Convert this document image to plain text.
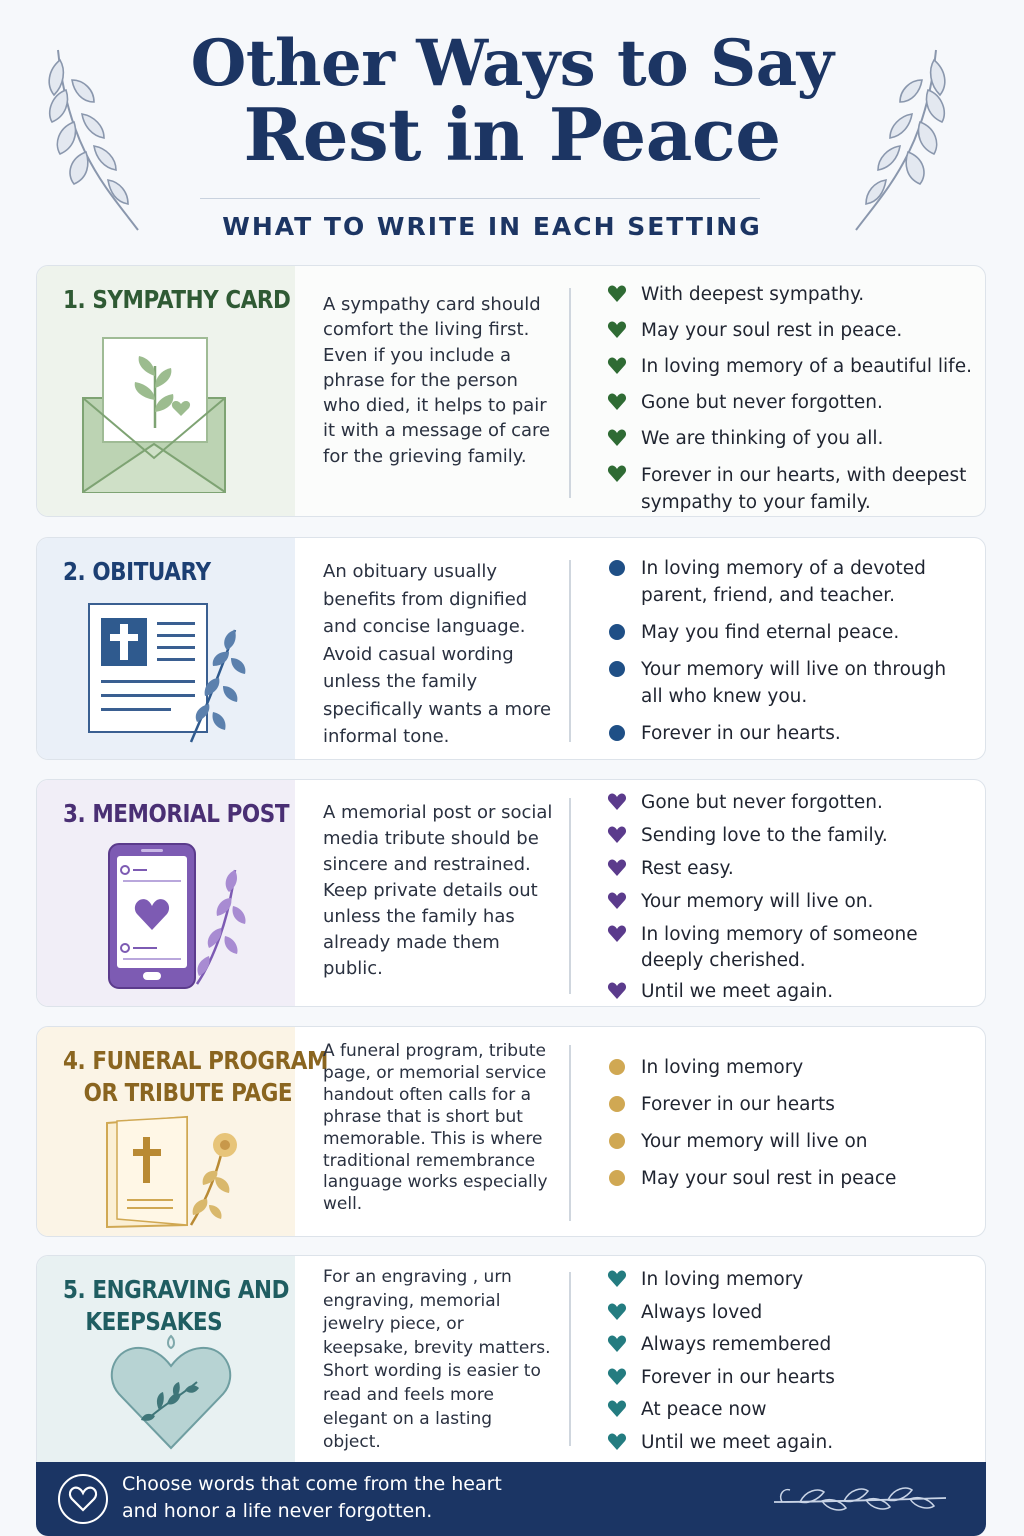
Other Ways to Say
Rest in Peace
WHAT TO WRITE IN EACH SETTING
1. SYMPATHY CARD A sympathy card should comfort the living first. Even if you include a phrase for the person who died, it helps to pair it with a message of care for the grieving family.
With deepest sympathy.
May your soul rest in peace.
In loving memory of a beautiful life.
Gone but never forgotten.
We are thinking of you all.
Forever in our hearts, with deepest sympathy to your family.
2. OBITUARY	An obituary usually benefits from dignified and concise language. Avoid casual wording unless the family specifically wants a more informal tone.
In loving memory of a devoted parent, friend, and teacher.
May you find eternal peace.
Your memory will live on through all who knew you.
Forever in our hearts.
3. MEMORIAL POST A memorial post or social media tribute should be sincere and restrained. Keep private details out unless the family has already made them public.
Gone but never forgotten.
Sending love to the family.
Rest easy.
Your memory will live on.
In loving memory of someone deeply cherished.
Until we meet again.
4. FUNERAL PROGRAM
OR TRIBUTE PAGE
A funeral program, tribute page, or memorial service handout often calls for a phrase that is short but memorable. This is where traditional remembrance language works especially well.
In loving memory
Forever in our hearts
Your memory will live on
May your soul rest in peace
5. ENGRAVING AND
KEEPSAKES
For an engraving , urn engraving, memorial jewelry piece, or keepsake, brevity matters. Short wording is easier to read and feels more elegant on a lasting object.
In loving memory
Always loved
Always remembered
Forever in our hearts
At peace now
Until we meet again.
Choose words that come from the heart
and honor a life never forgotten.
